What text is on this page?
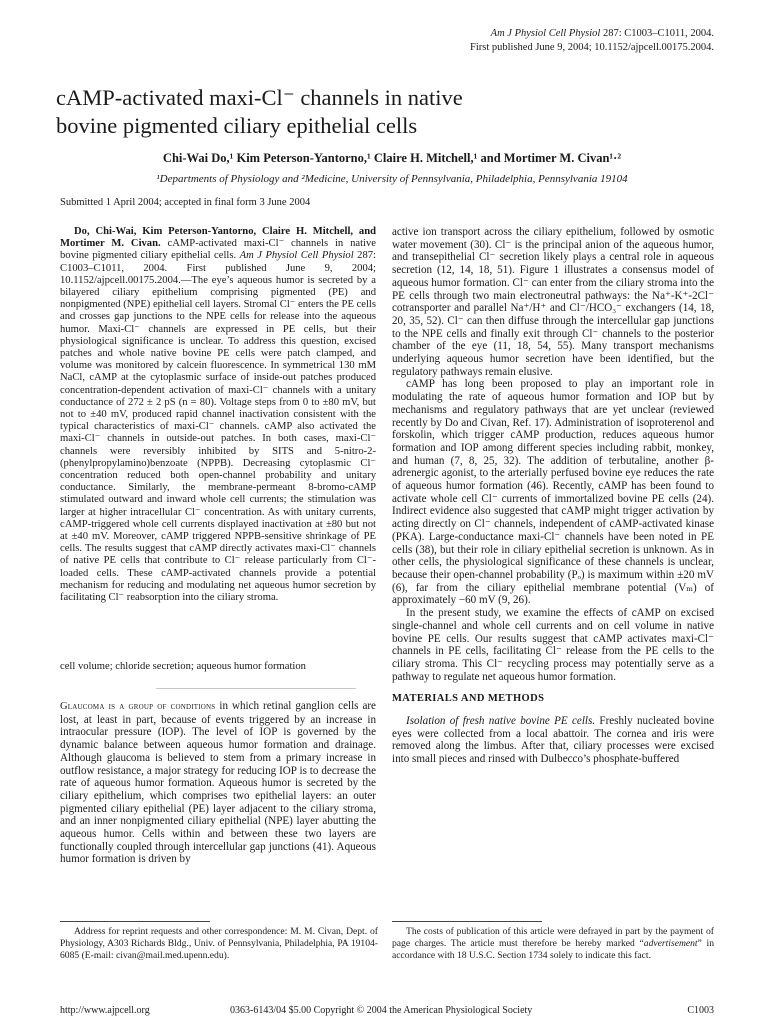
Am J Physiol Cell Physiol 287: C1003–C1011, 2004.
First published June 9, 2004; 10.1152/ajpcell.00175.2004.
cAMP-activated maxi-Cl⁻ channels in native
bovine pigmented ciliary epithelial cells
Chi-Wai Do,¹ Kim Peterson-Yantorno,¹ Claire H. Mitchell,¹ and Mortimer M. Civan¹·²
¹Departments of Physiology and ²Medicine, University of Pennsylvania, Philadelphia, Pennsylvania 19104
Submitted 1 April 2004; accepted in final form 3 June 2004

Do, Chi-Wai, Kim Peterson-Yantorno, Claire H. Mitchell, and Mortimer M. Civan. cAMP-activated maxi-Cl⁻ channels in native bovine pigmented ciliary epithelial cells. Am J Physiol Cell Physiol 287: C1003–C1011, 2004. First published June 9, 2004; 10.1152/ajpcell.00175.2004.—The eye’s aqueous humor is secreted by a bilayered ciliary epithelium comprising pigmented (PE) and nonpigmented (NPE) epithelial cell layers. Stromal Cl⁻ enters the PE cells and crosses gap junctions to the NPE cells for release into the aqueous humor. Maxi-Cl⁻ channels are expressed in PE cells, but their physiological significance is unclear. To address this question, excised patches and whole native bovine PE cells were patch clamped, and volume was monitored by calcein fluorescence. In symmetrical 130 mM NaCl, cAMP at the cytoplasmic surface of inside-out patches produced concentration-dependent activation of maxi-Cl⁻ channels with a unitary conductance of 272 ± 2 pS (n = 80). Voltage steps from 0 to ±80 mV, but not to ±40 mV, produced rapid channel inactivation consistent with the typical characteristics of maxi-Cl⁻ channels. cAMP also activated the maxi-Cl⁻ channels in outside-out patches. In both cases, maxi-Cl⁻ channels were reversibly inhibited by SITS and 5-nitro-2-(phenylpropylamino)benzoate (NPPB). Decreasing cytoplasmic Cl⁻ concentration reduced both open-channel probability and unitary conductance. Similarly, the membrane-permeant 8-bromo-cAMP stimulated outward and inward whole cell currents; the stimulation was larger at higher intracellular Cl⁻ concentration. As with unitary currents, cAMP-triggered whole cell currents displayed inactivation at ±80 but not at ±40 mV. Moreover, cAMP triggered NPPB-sensitive shrinkage of PE cells. The results suggest that cAMP directly activates maxi-Cl⁻ channels of native PE cells that contribute to Cl⁻ release particularly from Cl⁻-loaded cells. These cAMP-activated channels provide a potential mechanism for reducing and modulating net aqueous humor secretion by facilitating Cl⁻ reabsorption into the ciliary stroma.

cell volume; chloride secretion; aqueous humor formation

Glaucoma is a group of conditions in which retinal ganglion cells are lost, at least in part, because of events triggered by an increase in intraocular pressure (IOP). The level of IOP is governed by the dynamic balance between aqueous humor formation and drainage. Although glaucoma is believed to stem from a primary increase in outflow resistance, a major strategy for reducing IOP is to decrease the rate of aqueous humor formation. Aqueous humor is secreted by the ciliary epithelium, which comprises two epithelial layers: an outer pigmented ciliary epithelial (PE) layer adjacent to the ciliary stroma, and an inner nonpigmented ciliary epithelial (NPE) layer abutting the aqueous humor. Cells within and between these two layers are functionally coupled through intercellular gap junctions (41). Aqueous humor formation is driven by

active ion transport across the ciliary epithelium, followed by osmotic water movement (30). Cl⁻ is the principal anion of the aqueous humor, and transepithelial Cl⁻ secretion likely plays a central role in aqueous secretion (12, 14, 18, 51). Figure 1 illustrates a consensus model of aqueous humor formation. Cl⁻ can enter from the ciliary stroma into the PE cells through two main electroneutral pathways: the Na⁺-K⁺-2Cl⁻ cotransporter and parallel Na⁺/H⁺ and Cl⁻/HCO₃⁻ exchangers (14, 18, 20, 35, 52). Cl⁻ can then diffuse through the intercellular gap junctions to the NPE cells and finally exit through Cl⁻ channels to the posterior chamber of the eye (11, 18, 54, 55). Many transport mechanisms underlying aqueous humor secretion have been identified, but the regulatory pathways remain elusive.

cAMP has long been proposed to play an important role in modulating the rate of aqueous humor formation and IOP but by mechanisms and regulatory pathways that are yet unclear (reviewed recently by Do and Civan, Ref. 17). Administration of isoproterenol and forskolin, which trigger cAMP production, reduces aqueous humor formation and IOP among different species including rabbit, monkey, and human (7, 8, 25, 32). The addition of terbutaline, another β-adrenergic agonist, to the arterially perfused bovine eye reduces the rate of aqueous humor formation (46). Recently, cAMP has been found to activate whole cell Cl⁻ currents of immortalized bovine PE cells (24). Indirect evidence also suggested that cAMP might trigger activation by acting directly on Cl⁻ channels, independent of cAMP-activated kinase (PKA). Large-conductance maxi-Cl⁻ channels have been noted in PE cells (38), but their role in ciliary epithelial secretion is unknown. As in other cells, the physiological significance of these channels is unclear, because their open-channel probability (Pₒ) is maximum within ±20 mV (6), far from the ciliary epithelial membrane potential (Vₘ) of approximately −60 mV (9, 26).

In the present study, we examine the effects of cAMP on excised single-channel and whole cell currents and on cell volume in native bovine PE cells. Our results suggest that cAMP activates maxi-Cl⁻ channels in PE cells, facilitating Cl⁻ release from the PE cells to the ciliary stroma. This Cl⁻ recycling process may potentially serve as a pathway to regulate net aqueous humor formation.

MATERIALS AND METHODS

Isolation of fresh native bovine PE cells. Freshly nucleated bovine eyes were collected from a local abattoir. The cornea and iris were removed along the limbus. After that, ciliary processes were excised into small pieces and rinsed with Dulbecco’s phosphate-buffered

Address for reprint requests and other correspondence: M. M. Civan, Dept. of Physiology, A303 Richards Bldg., Univ. of Pennsylvania, Philadelphia, PA 19104-6085 (E-mail: civan@mail.med.upenn.edu).
The costs of publication of this article were defrayed in part by the payment of page charges. The article must therefore be hereby marked “advertisement” in accordance with 18 U.S.C. Section 1734 solely to indicate this fact.
http://www.ajpcell.org	0363-6143/04 $5.00 Copyright © 2004 the American Physiological Society	C1003
